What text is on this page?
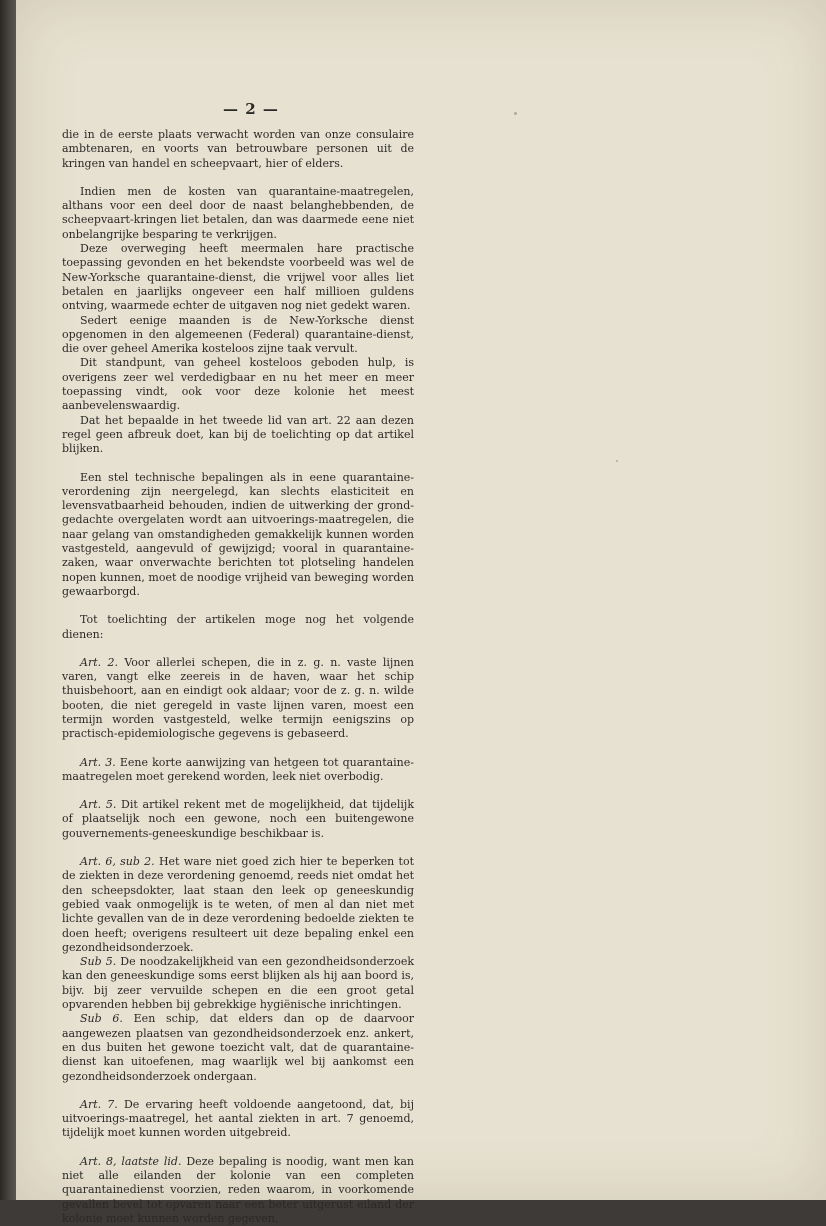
— 2 —

die in de eerste plaats verwacht worden van onze consulaire ambtenaren, en voorts van betrouwbare personen uit de kringen van handel en scheepvaart, hier of elders.

Indien men de kosten van quarantaine-maatregelen, althans voor een deel door de naast belanghebbenden, de scheepvaart-kringen liet betalen, dan was daarmede eene niet onbelangrijke besparing te verkrijgen.

Deze overweging heeft meermalen hare practische toepassing gevonden en het bekendste voorbeeld was wel de New-Yorksche quarantaine-dienst, die vrijwel voor alles liet betalen en jaarlijks ongeveer een half millioen guldens ontving, waarmede echter de uitgaven nog niet gedekt waren.

Sedert eenige maanden is de New-Yorksche dienst opgenomen in den algemeenen (Federal) quarantaine-dienst, die over geheel Amerika kosteloos zijne taak vervult.

Dit standpunt, van geheel kosteloos geboden hulp, is overigens zeer wel verdedigbaar en nu het meer en meer toepassing vindt, ook voor deze kolonie het meest aanbevelenswaardig.

Dat het bepaalde in het tweede lid van art. 22 aan dezen regel geen afbreuk doet, kan bij de toelichting op dat artikel blijken.

Een stel technische bepalingen als in eene quarantaine-verordening zijn neergelegd, kan slechts elasticiteit en levensvatbaarheid behouden, indien de uitwerking der grond-gedachte overgelaten wordt aan uitvoerings-maatregelen, die naar gelang van omstandigheden gemakkelijk kunnen worden vastgesteld, aangevuld of gewijzigd; vooral in quarantaine-zaken, waar onverwachte berichten tot plotseling handelen nopen kunnen, moet de noodige vrijheid van beweging worden gewaarborgd.

Tot toelichting der artikelen moge nog het volgende dienen:

Art. 2. Voor allerlei schepen, die in z. g. n. vaste lijnen varen, vangt elke zeereis in de haven, waar het schip thuisbehoort, aan en eindigt ook aldaar; voor de z. g. n. wilde booten, die niet geregeld in vaste lijnen varen, moest een termijn worden vastgesteld, welke termijn eenigszins op practisch-epidemiologische gegevens is gebaseerd.

Art. 3. Eene korte aanwijzing van hetgeen tot quarantaine-maatregelen moet gerekend worden, leek niet overbodig.

Art. 5. Dit artikel rekent met de mogelijkheid, dat tijdelijk of plaatselijk noch een gewone, noch een buitengewone gouvernements-geneeskundige beschikbaar is.

Art. 6, sub 2. Het ware niet goed zich hier te beperken tot de ziekten in deze verordening genoemd, reeds niet omdat het den scheepsdokter, laat staan den leek op geneeskundig gebied vaak onmogelijk is te weten, of men al dan niet met lichte gevallen van de in deze verordening bedoelde ziekten te doen heeft; overigens resulteert uit deze bepaling enkel een gezondheidsonderzoek.

Sub 5. De noodzakelijkheid van een gezondheidsonderzoek kan den geneeskundige soms eerst blijken als hij aan boord is, bijv. bij zeer vervuilde schepen en die een groot getal opvarenden hebben bij gebrekkige hygiënische inrichtingen.

Sub 6. Een schip, dat elders dan op de daarvoor aangewezen plaatsen van gezondheidsonderzoek enz. ankert, en dus buiten het gewone toezicht valt, dat de quarantaine-dienst kan uitoefenen, mag waarlijk wel bij aankomst een gezondheidsonderzoek ondergaan.

Art. 7. De ervaring heeft voldoende aangetoond, dat, bij uitvoerings-maatregel, het aantal ziekten in art. 7 genoemd, tijdelijk moet kunnen worden uitgebreid.

Art. 8, laatste lid. Deze bepaling is noodig, want men kan niet alle eilanden der kolonie van een completen quarantainedienst voorzien, reden waarom, in voorkomende gevallen bevel tot opvaren naar een beter uitgerust eiland der kolonie moet kunnen worden gegeven.
